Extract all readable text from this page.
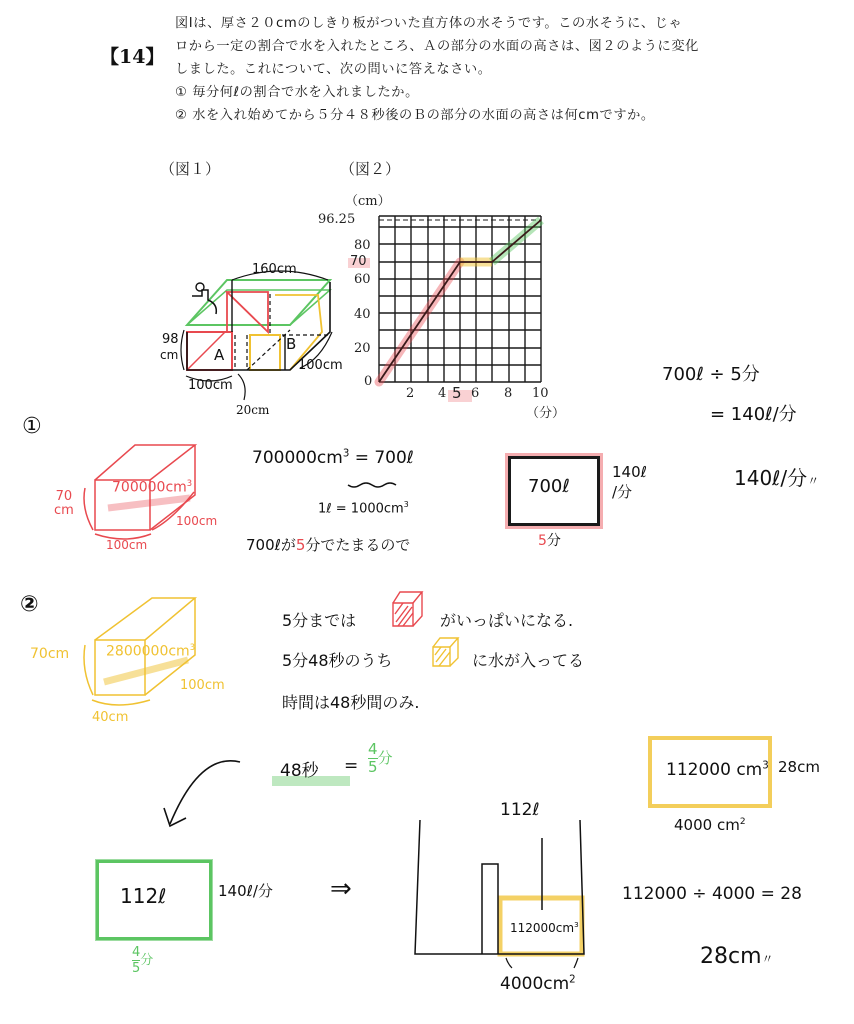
【14】
図Ⅰは、厚さ２０cmのしきり板がついた直方体の水そうです。この水そうに、じゃ
ロから一定の割合で水を入れたところ、Ａの部分の水面の高さは、図２のように変化
しました。これについて、次の問いに答えなさい。
① 毎分何ℓの割合で水を入れましたか。
② 水を入れ始めてから５分４８秒後のＢの部分の水面の高さは何cmですか。
（図１）
160cm
98
cm
100cm
100cm
20cm
A
B
（図２）
（cm）
96.25
80
70
60
40
20
0
2 4 5 6 8 10
（分）
①
$700000cm^3$
70
cm
100cm
100cm
$700000cm^3$ = 700ℓ
1ℓ = $1000cm^3$
700ℓが5分でたまるので
700ℓ ÷ 5分
= 140ℓ/分
700ℓ
140ℓ
/分
5分
140ℓ/分〃
②
$2800000cm^3$
70cm
100cm
40cm
5分までは	がいっぱいになる.
5分48秒のうち	に水が入ってる
時間は48秒間のみ.
48秒 = $\frac{4}{5}$ 分
112ℓ	140ℓ/分
$\frac{4}{5}$ 分
⇒
112ℓ
$112000cm^3$
$4000cm^2$
112000 $cm^3$ 28cm
4000 $cm^2$
112000 ÷ 4000 = 28
28cm〃
